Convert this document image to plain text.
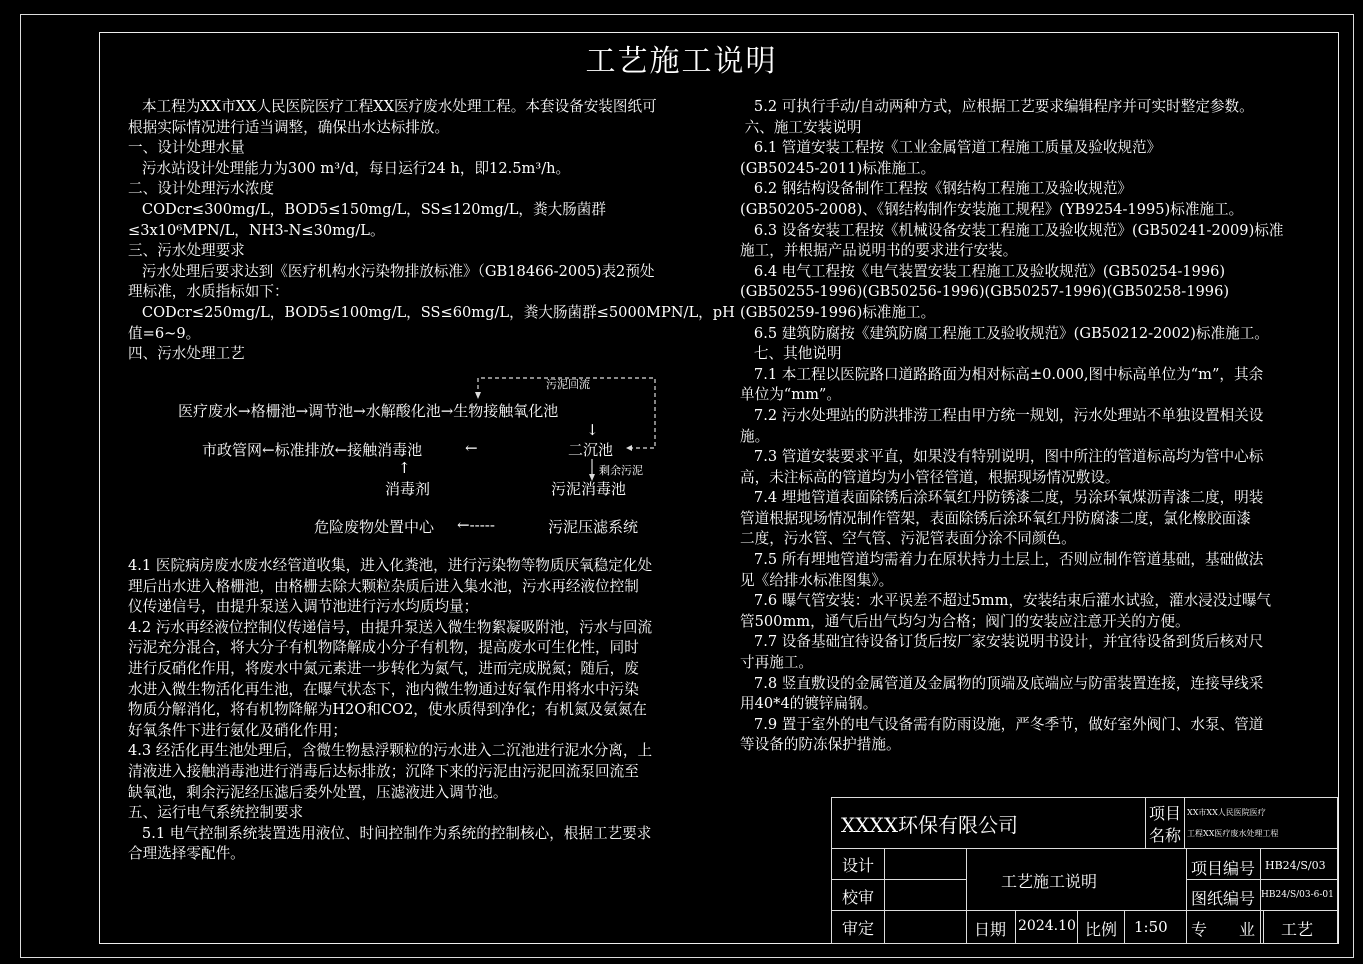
工艺施工说明
本工程为XX市XX人民医院医疗工程XX医疗废水处理工程。本套设备安装图纸可
根据实际情况进行适当调整，确保出水达标排放。
一、设计处理水量
污水站设计处理能力为300 m³/d，每日运行24 h，即12.5m³/h。
二、设计处理污水浓度
CODcr≤300mg/L，BOD5≤150mg/L，SS≤120mg/L，粪大肠菌群
≤3x10⁶MPN/L，NH3-N≤30mg/L。
三、污水处理要求
污水处理后要求达到《医疗机构水污染物排放标准》（GB18466-2005)表2预处
理标准，水质指标如下：
CODcr≤250mg/L，BOD5≤100mg/L，SS≤60mg/L，粪大肠菌群≤5000MPN/L，pH
值=6~9。
四、污水处理工艺
4.1 医院病房废水废水经管道收集，进入化粪池，进行污染物等物质厌氧稳定化处
理后出水进入格栅池，由格栅去除大颗粒杂质后进入集水池，污水再经液位控制
仪传递信号，由提升泵送入调节池进行污水均质均量；
4.2 污水再经液位控制仪传递信号，由提升泵送入微生物絮凝吸附池，污水与回流
污泥充分混合，将大分子有机物降解成小分子有机物，提高废水可生化性，同时
进行反硝化作用，将废水中氮元素进一步转化为氮气，进而完成脱氮；随后，废
水进入微生物活化再生池，在曝气状态下，池内微生物通过好氧作用将水中污染
物质分解消化，将有机物降解为H2O和CO2，使水质得到净化；有机氮及氨氮在
好氧条件下进行氨化及硝化作用；
4.3 经活化再生池处理后，含微生物悬浮颗粒的污水进入二沉池进行泥水分离，上
清液进入接触消毒池进行消毒后达标排放；沉降下来的污泥由污泥回流泵回流至
缺氧池，剩余污泥经压滤后委外处置，压滤液进入调节池。
五、运行电气系统控制要求
5.1 电气控制系统装置选用液位、时间控制作为系统的控制核心，根据工艺要求
合理选择零配件。
5.2 可执行手动/自动两种方式，应根据工艺要求编辑程序并可实时整定参数。
六、施工安装说明
6.1 管道安装工程按《工业金属管道工程施工质量及验收规范》
(GB50245-2011)标准施工。
6.2 钢结构设备制作工程按《钢结构工程施工及验收规范》
(GB50205-2008)、《钢结构制作安装施工规程》(YB9254-1995)标准施工。
6.3 设备安装工程按《机械设备安装工程施工及验收规范》(GB50241-2009)标准
施工，并根据产品说明书的要求进行安装。
6.4 电气工程按《电气装置安装工程施工及验收规范》(GB50254-1996)
(GB50255-1996)(GB50256-1996)(GB50257-1996)(GB50258-1996)
(GB50259-1996)标准施工。
6.5 建筑防腐按《建筑防腐工程施工及验收规范》(GB50212-2002)标准施工。
七、其他说明
7.1 本工程以医院路口道路路面为相对标高±0.000,图中标高单位为“m”，其余
单位为“mm”。
7.2 污水处理站的防洪排涝工程由甲方统一规划，污水处理站不单独设置相关设
施。
7.3 管道安装要求平直，如果没有特别说明，图中所注的管道标高均为管中心标
高，未注标高的管道均为小管径管道，根据现场情况敷设。
7.4 埋地管道表面除锈后涂环氧红丹防锈漆二度，另涂环氧煤沥青漆二度，明装
管道根据现场情况制作管架，表面除锈后涂环氧红丹防腐漆二度，氯化橡胶面漆
二度，污水管、空气管、污泥管表面分涂不同颜色。
7.5 所有埋地管道均需着力在原状持力土层上，否则应制作管道基础，基础做法
见《给排水标准图集》。
7.6 曝气管安装：水平误差不超过5mm，安装结束后灌水试验，灌水浸没过曝气
管500mm，通气后出气均匀为合格；阀门的安装应注意开关的方便。
7.7 设备基础宜待设备订货后按厂家安装说明书设计，并宜待设备到货后核对尺
寸再施工。
7.8 竖直敷设的金属管道及金属物的顶端及底端应与防雷装置连接，连接导线采
用40*4的镀锌扁钢。
7.9 置于室外的电气设备需有防雨设施，严冬季节，做好室外阀门、水泵、管道
等设备的防冻保护措施。
医疗废水→格栅池→调节池→水解酸化池→生物接触氧化池
污泥回流
↓
市政管网←标准排放←接触消毒池	←	二沉池
↑	剩余污泥
消毒剂	污泥消毒池
危险废物处置中心 ←-----	污泥压滤系统
XXXX环保有限公司	项目
名称
XX市XX人民医院医疗
工程XX医疗废水处理工程
设计
校审
审定
工艺施工说明
项目编号 HB24/S/03
图纸编号 HB24/S/03-6-01
日期 2024.10 比例 1:50 专　　业 工艺
